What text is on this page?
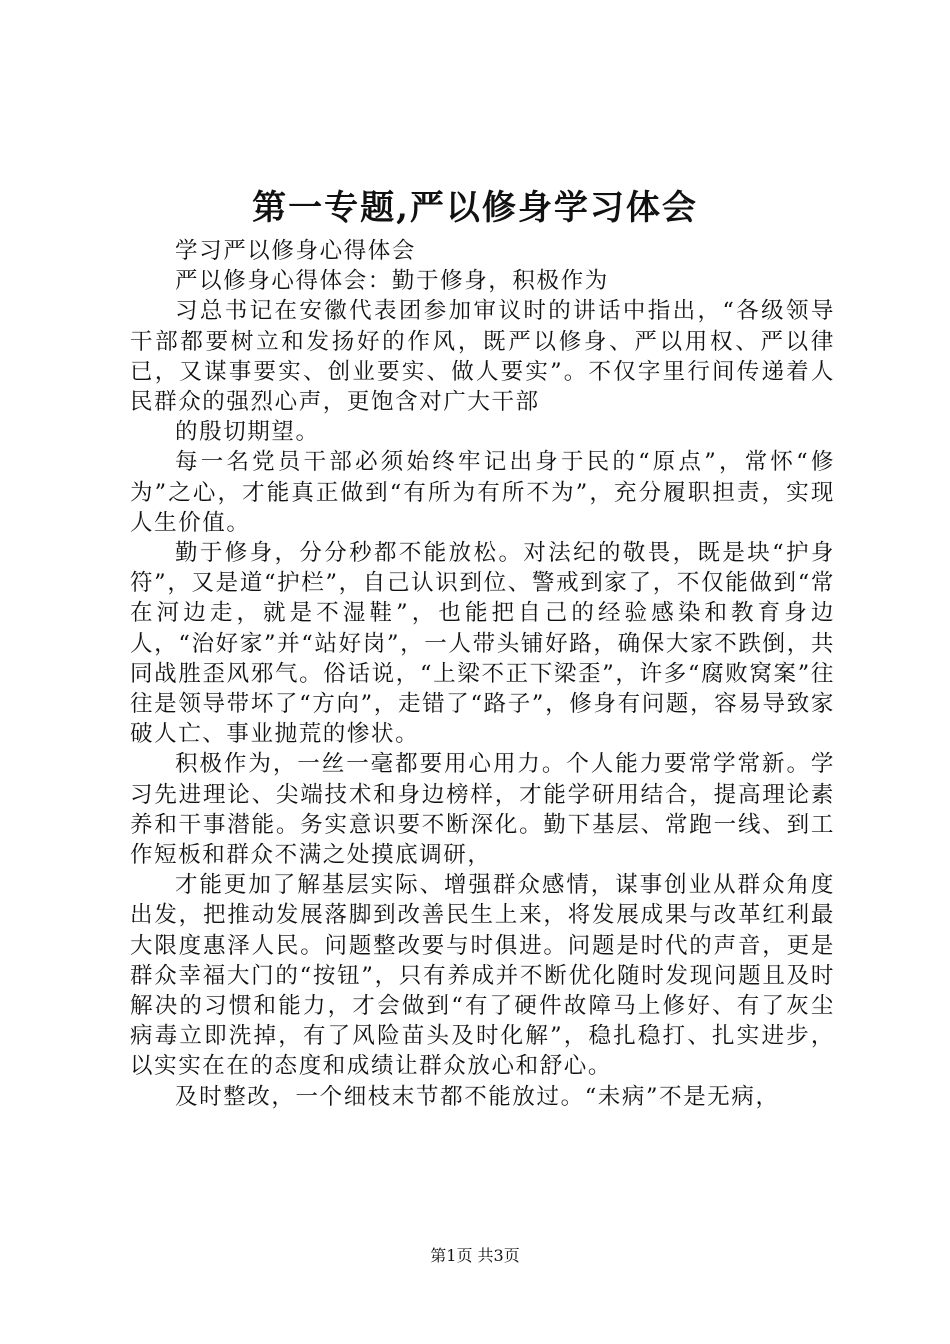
第一专题,严以修身学习体会

学习严以修身心得体会

严以修身心得体会：勤于修身，积极作为

习总书记在安徽代表团参加审议时的讲话中指出，“各级领导干部都要树立和发扬好的作风，既严以修身、严以用权、严以律已，又谋事要实、创业要实、做人要实”。不仅字里行间传递着人民群众的强烈心声，更饱含对广大干部

的殷切期望。

每一名党员干部必须始终牢记出身于民的“原点”，常怀“修为”之心，才能真正做到“有所为有所不为”，充分履职担责，实现人生价值。

勤于修身，分分秒都不能放松。对法纪的敬畏，既是块“护身符”，又是道“护栏”，自己认识到位、警戒到家了，不仅能做到“常在河边走，就是不湿鞋”，也能把自己的经验感染和教育身边人，“治好家”并“站好岗”，一人带头铺好路，确保大家不跌倒，共同战胜歪风邪气。俗话说，“上梁不正下梁歪”，许多“腐败窝案”往往是领导带坏了“方向”，走错了“路子”，修身有问题，容易导致家破人亡、事业抛荒的惨状。

积极作为，一丝一毫都要用心用力。个人能力要常学常新。学习先进理论、尖端技术和身边榜样，才能学研用结合，提高理论素养和干事潜能。务实意识要不断深化。勤下基层、常跑一线、到工作短板和群众不满之处摸底调研，

才能更加了解基层实际、增强群众感情，谋事创业从群众角度出发，把推动发展落脚到改善民生上来，将发展成果与改革红利最大限度惠泽人民。问题整改要与时俱进。问题是时代的声音，更是群众幸福大门的“按钮”，只有养成并不断优化随时发现问题且及时解决的习惯和能力，才会做到“有了硬件故障马上修好、有了灰尘病毒立即洗掉，有了风险苗头及时化解”，稳扎稳打、扎实进步，以实实在在的态度和成绩让群众放心和舒心。

及时整改，一个细枝末节都不能放过。“未病”不是无病，

第1页 共3页
